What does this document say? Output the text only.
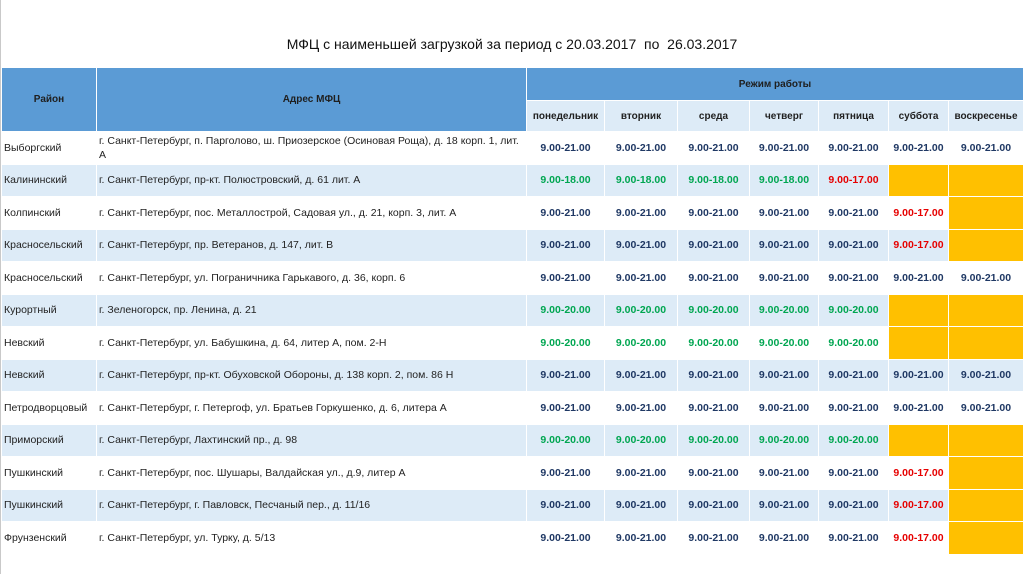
МФЦ с наименьшей загрузкой за период с 20.03.2017  по  26.03.2017
Район	Адрес МФЦ	Режим работы						
		понедельник	вторник	среда	четверг	пятница	суббота	воскресенье
Выборгский	г. Санкт-Петербург, п. Парголово, ш. Приозерское (Осиновая Роща), д. 18 корп. 1, лит. А	9.00-21.00	9.00-21.00	9.00-21.00	9.00-21.00	9.00-21.00	9.00-21.00	9.00-21.00
Калининский	г. Санкт-Петербург, пр-кт. Полюстровский, д. 61 лит. А	9.00-18.00	9.00-18.00	9.00-18.00	9.00-18.00	9.00-17.00		
Колпинский	г. Санкт-Петербург, пос. Металлострой, Садовая ул., д. 21, корп. 3, лит. А	9.00-21.00	9.00-21.00	9.00-21.00	9.00-21.00	9.00-21.00	9.00-17.00	
Красносельский	г. Санкт-Петербург, пр. Ветеранов, д. 147, лит. В	9.00-21.00	9.00-21.00	9.00-21.00	9.00-21.00	9.00-21.00	9.00-17.00	
Красносельский	г. Санкт-Петербург, ул. Пограничника Гарькавого, д. 36, корп. 6	9.00-21.00	9.00-21.00	9.00-21.00	9.00-21.00	9.00-21.00	9.00-21.00	9.00-21.00
Курортный	г. Зеленогорск, пр. Ленина, д. 21	9.00-20.00	9.00-20.00	9.00-20.00	9.00-20.00	9.00-20.00		
Невский	г. Санкт-Петербург, ул. Бабушкина, д. 64, литер А, пом. 2-Н	9.00-20.00	9.00-20.00	9.00-20.00	9.00-20.00	9.00-20.00		
Невский	г. Санкт-Петербург, пр-кт. Обуховской Обороны, д. 138 корп. 2, пом. 86 Н	9.00-21.00	9.00-21.00	9.00-21.00	9.00-21.00	9.00-21.00	9.00-21.00	9.00-21.00
Петродворцовый	г. Санкт-Петербург, г. Петергоф, ул. Братьев Горкушенко, д. 6, литера А	9.00-21.00	9.00-21.00	9.00-21.00	9.00-21.00	9.00-21.00	9.00-21.00	9.00-21.00
Приморский	г. Санкт-Петербург, Лахтинский пр., д. 98	9.00-20.00	9.00-20.00	9.00-20.00	9.00-20.00	9.00-20.00		
Пушкинский	г. Санкт-Петербург, пос. Шушары, Валдайская ул., д.9, литер А	9.00-21.00	9.00-21.00	9.00-21.00	9.00-21.00	9.00-21.00	9.00-17.00	
Пушкинский	г. Санкт-Петербург, г. Павловск, Песчаный пер., д. 11/16	9.00-21.00	9.00-21.00	9.00-21.00	9.00-21.00	9.00-21.00	9.00-17.00	
Фрунзенский	г. Санкт-Петербург, ул. Турку, д. 5/13	9.00-21.00	9.00-21.00	9.00-21.00	9.00-21.00	9.00-21.00	9.00-17.00	
